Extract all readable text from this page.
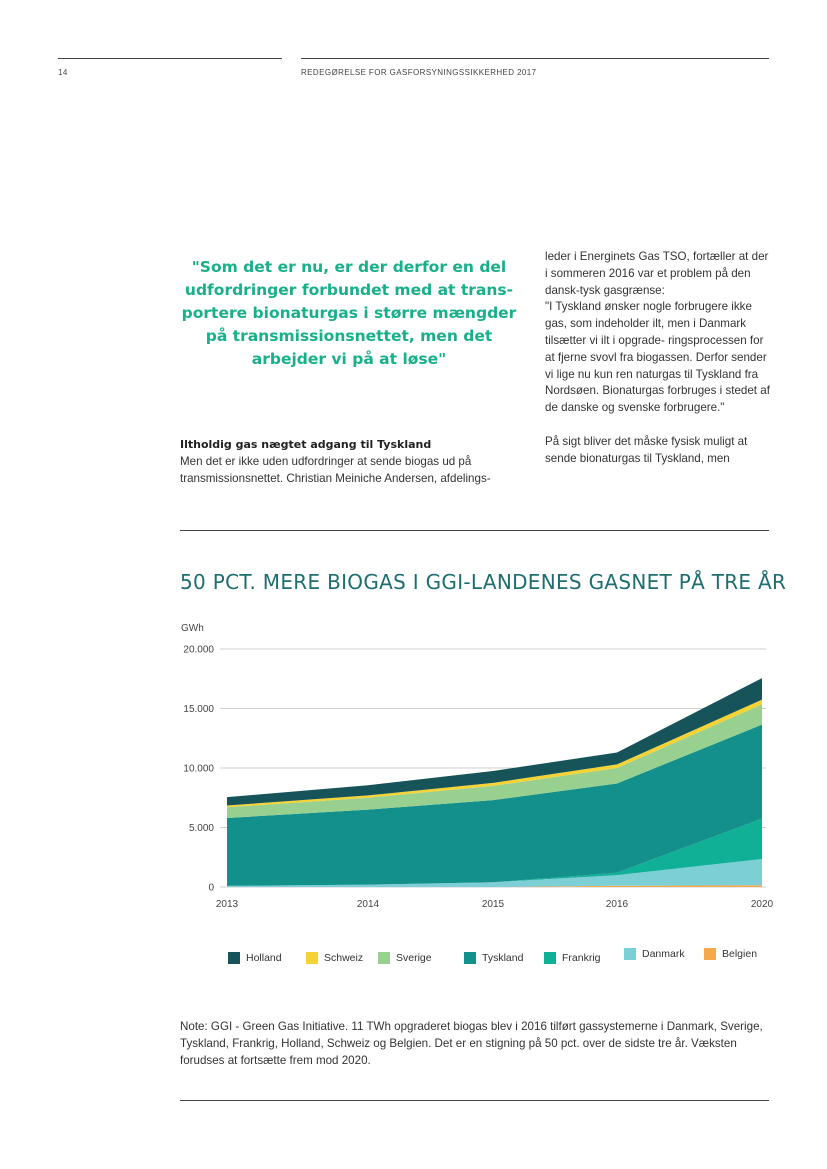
14	REDEGØRELSE FOR GASFORSYNINGSSIKKERHED 2017

"Som det er nu, er der derfor en del udfordringer forbundet med at trans- portere bionaturgas i større mængder på transmissionsnettet, men det arbejder vi på at løse"

Iltholdig gas nægtet adgang til Tyskland

Men det er ikke uden udfordringer at sende biogas ud på transmissionsnettet. Christian Meiniche Andersen, afdelings-

leder i Energinets Gas TSO, fortæller at der i sommeren 2016 var et problem på den dansk-tysk gasgrænse:

"I Tyskland ønsker nogle forbrugere ikke gas, som indeholder ilt, men i Danmark tilsætter vi ilt i opgrade- ringsprocessen for at fjerne svovl fra biogassen. Derfor sender vi lige nu kun ren naturgas til Tyskland fra Nordsøen. Bionaturgas forbruges i stedet af de danske og svenske forbrugere."

På sigt bliver det måske fysisk muligt at sende bionaturgas til Tyskland, men

50 PCT. MERE BIOGAS I GGI-LANDENES GASNET PÅ TRE ÅR
GWh
0
5.000
10.000
15.000
20.000
2013	2014	2015	2016	2020
Holland	Schweiz	Sverige	Tyskland	Frankrig	Danmark	Belgien

Note: GGI - Green Gas Initiative. 11 TWh opgraderet biogas blev i 2016 tilført gassystemerne i Danmark, Sverige, Tyskland, Frankrig, Holland, Schweiz og Belgien. Det er en stigning på 50 pct. over de sidste tre år. Væksten forudses at fortsætte frem mod 2020.
